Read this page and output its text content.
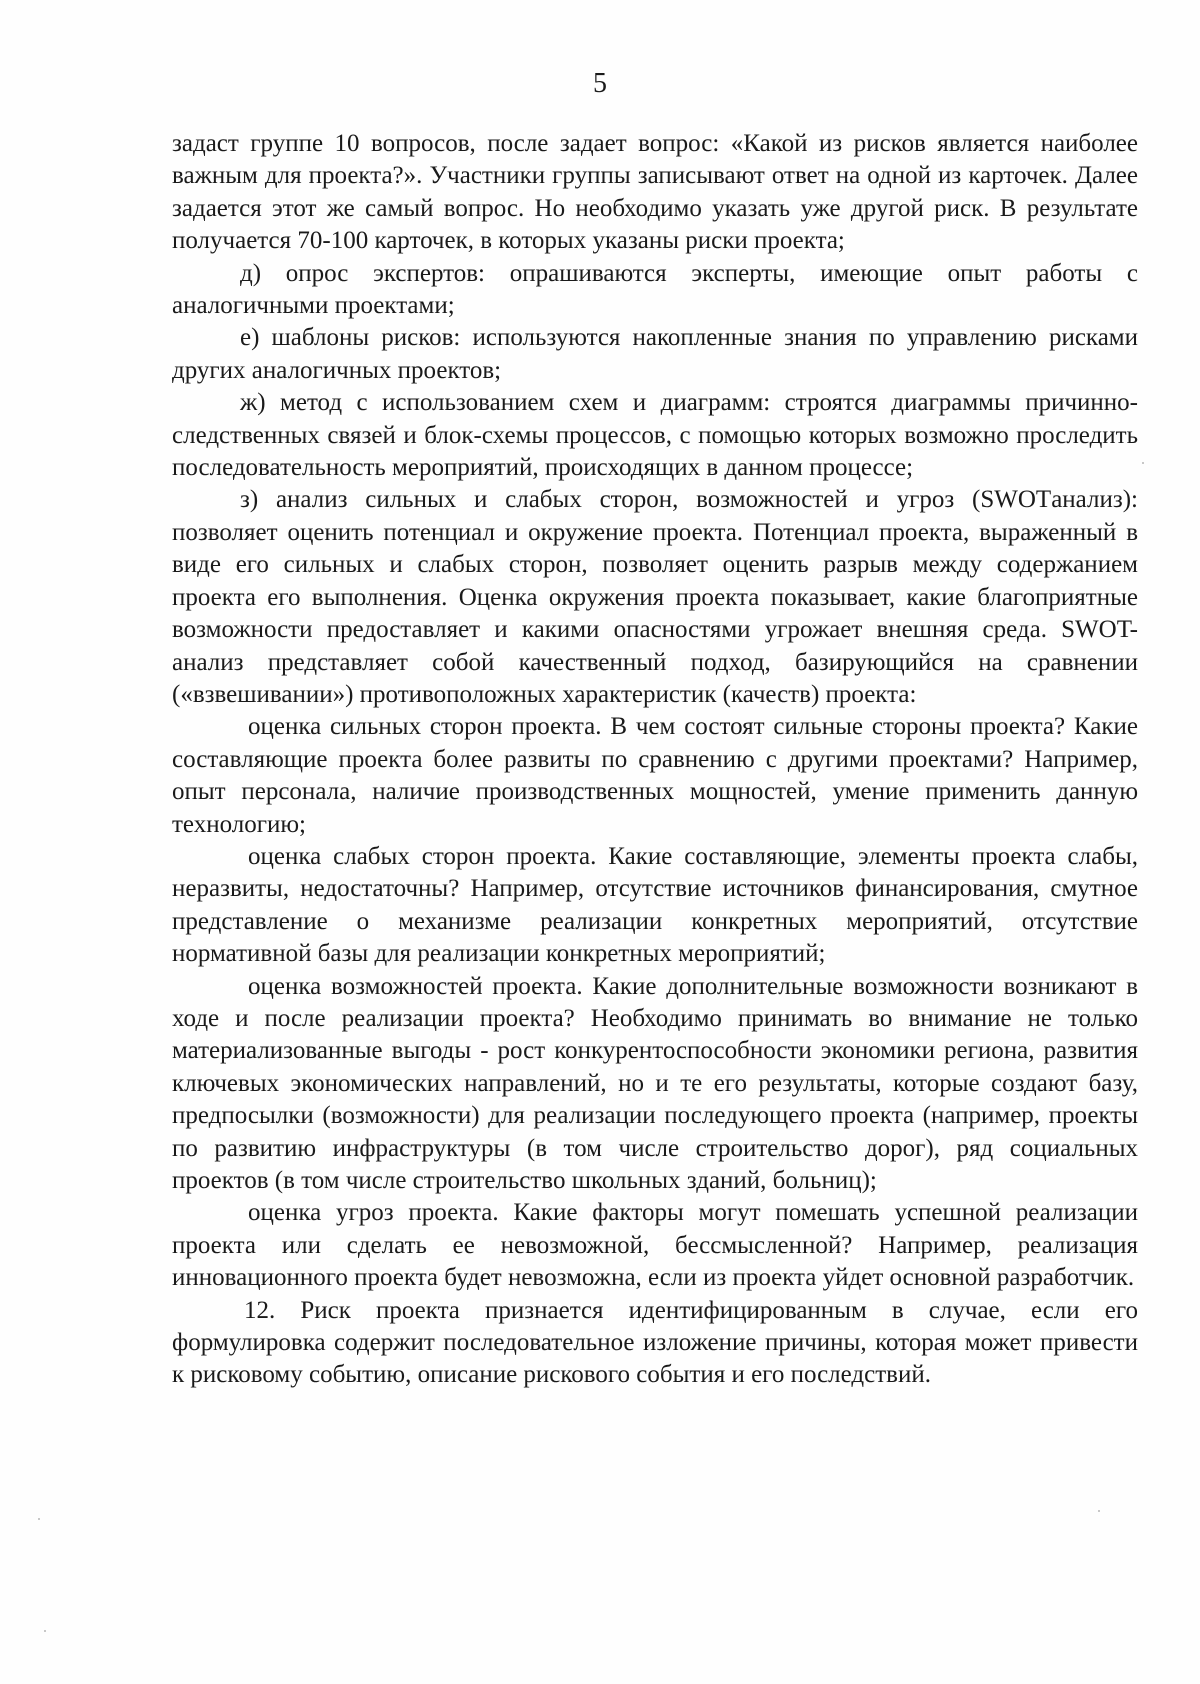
5

задаст группе 10 вопросов, после задает вопрос: «Какой из рисков является наиболее важным для проекта?». Участники группы записывают ответ на одной из карточек. Далее задается этот же самый вопрос. Но необходимо указать уже другой риск. В результате получается 70-100 карточек, в которых указаны риски проекта;

д) опрос экспертов: опрашиваются эксперты, имеющие опыт работы с аналогичными проектами;

е) шаблоны рисков: используются накопленные знания по управлению рисками других аналогичных проектов;

ж) метод с использованием схем и диаграмм: строятся диаграммы причинно-следственных связей и блок-схемы процессов, с помощью которых возможно проследить последовательность мероприятий, происходящих в данном процессе;

з) анализ сильных и слабых сторон, возможностей и угроз (SWOTанализ): позволяет оценить потенциал и окружение проекта. Потенциал проекта, выраженный в виде его сильных и слабых сторон, позволяет оценить разрыв между содержанием проекта его выполнения. Оценка окружения проекта показывает, какие благоприятные возможности предоставляет и какими опасностями угрожает внешняя среда. SWOT-анализ представляет собой качественный подход, базирующийся на сравнении («взвешивании») противоположных характеристик (качеств) проекта:

оценка сильных сторон проекта. В чем состоят сильные стороны проекта? Какие составляющие проекта более развиты по сравнению с другими проектами? Например, опыт персонала, наличие производственных мощностей, умение применить данную технологию;

оценка слабых сторон проекта. Какие составляющие, элементы проекта слабы, неразвиты, недостаточны? Например, отсутствие источников финансирования, смутное представление о механизме реализации конкретных мероприятий, отсутствие нормативной базы для реализации конкретных мероприятий;

оценка возможностей проекта. Какие дополнительные возможности возникают в ходе и после реализации проекта? Необходимо принимать во внимание не только материализованные выгоды - рост конкурентоспособности экономики региона, развития ключевых экономических направлений, но и те его результаты, которые создают базу, предпосылки (возможности) для реализации последующего проекта (например, проекты по развитию инфраструктуры (в том числе строительство дорог), ряд социальных проектов (в том числе строительство школьных зданий, больниц);

оценка угроз проекта. Какие факторы могут помешать успешной реализации проекта или сделать ее невозможной, бессмысленной? Например, реализация инновационного проекта будет невозможна, если из проекта уйдет основной разработчик.

12. Риск проекта признается идентифицированным в случае, если его формулировка содержит последовательное изложение причины, которая может привести к рисковому событию, описание рискового события и его последствий.
